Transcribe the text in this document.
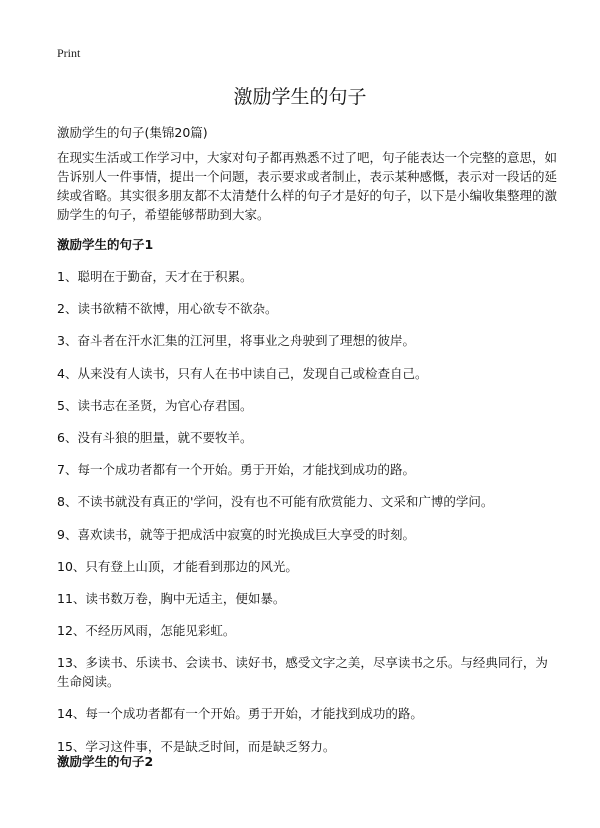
Print
激励学生的句子
激励学生的句子(集锦20篇)

在现实生活或工作学习中，大家对句子都再熟悉不过了吧，句子能表达一个完整的意思，如告诉别人一件事情，提出一个问题，表示要求或者制止，表示某种感慨，表示对一段话的延续或省略。其实很多朋友都不太清楚什么样的句子才是好的句子，以下是小编收集整理的激励学生的句子，希望能够帮助到大家。

激励学生的句子1
1、聪明在于勤奋，天才在于积累。
2、读书欲精不欲博，用心欲专不欲杂。
3、奋斗者在汗水汇集的江河里，将事业之舟驶到了理想的彼岸。
4、从来没有人读书，只有人在书中读自己，发现自己或检查自己。
5、读书志在圣贤，为官心存君国。
6、没有斗狼的胆量，就不要牧羊。
7、每一个成功者都有一个开始。勇于开始，才能找到成功的路。
8、不读书就没有真正的'学问，没有也不可能有欣赏能力、文采和广博的学问。
9、喜欢读书，就等于把成活中寂寞的时光换成巨大享受的时刻。
10、只有登上山顶，才能看到那边的风光。
11、读书数万卷，胸中无适主，便如暴。
12、不经历风雨，怎能见彩虹。
13、多读书、乐读书、会读书、读好书，感受文字之美，尽享读书之乐。与经典同行，为生命阅读。
14、每一个成功者都有一个开始。勇于开始，才能找到成功的路。
15、学习这件事，不是缺乏时间，而是缺乏努力。
激励学生的句子2
